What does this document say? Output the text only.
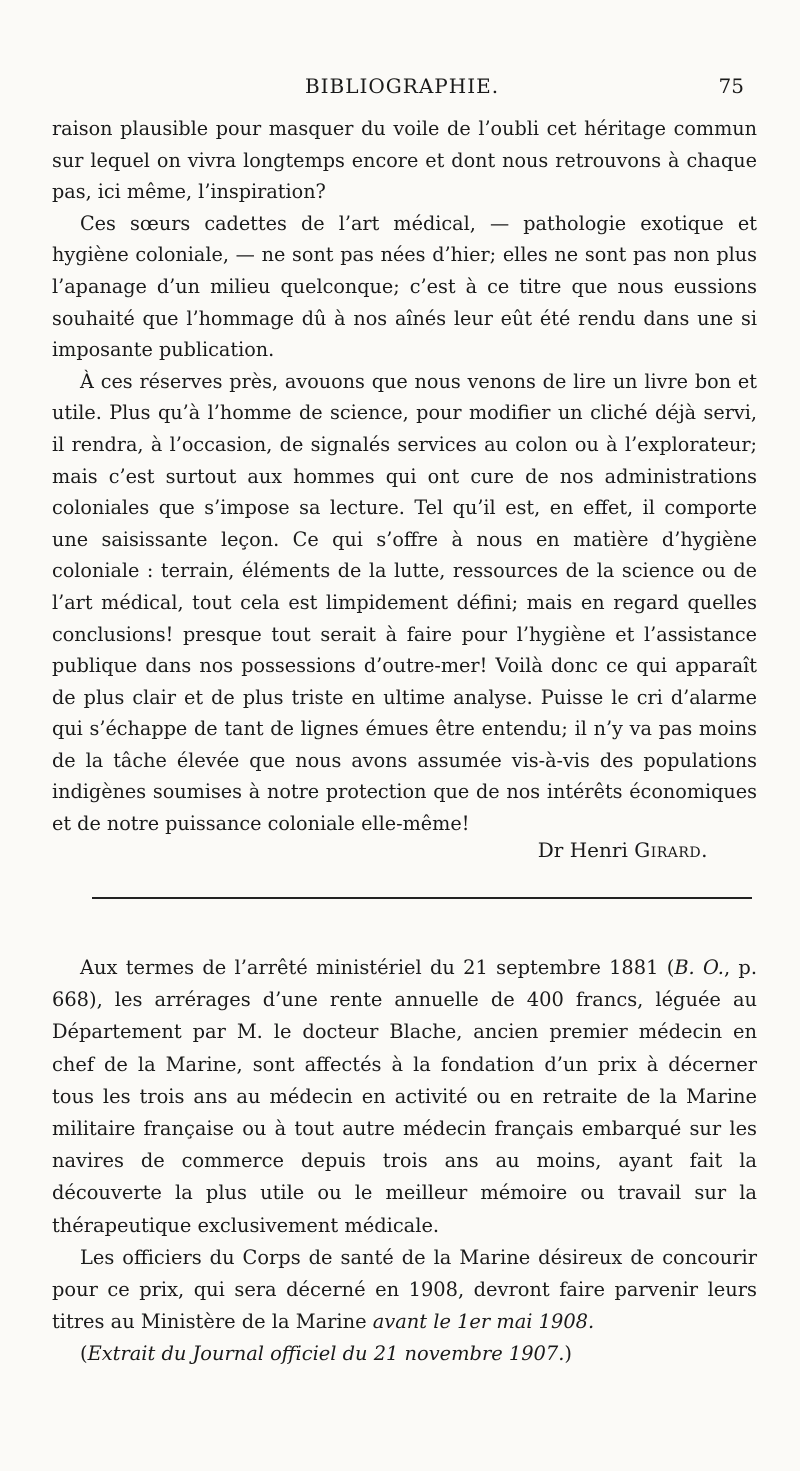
BIBLIOGRAPHIE.	75

raison plausible pour masquer du voile de l’oubli cet héritage commun sur lequel on vivra longtemps encore et dont nous retrouvons à chaque pas, ici même, l’inspiration?

Ces sœurs cadettes de l’art médical, — pathologie exotique et hygiène coloniale, — ne sont pas nées d’hier; elles ne sont pas non plus l’apanage d’un milieu quelconque; c’est à ce titre que nous eussions souhaité que l’hommage dû à nos aînés leur eût été rendu dans une si imposante publication.

À ces réserves près, avouons que nous venons de lire un livre bon et utile. Plus qu’à l’homme de science, pour modifier un cliché déjà servi, il rendra, à l’occasion, de signalés services au colon ou à l’explorateur; mais c’est surtout aux hommes qui ont cure de nos administrations coloniales que s’impose sa lecture. Tel qu’il est, en effet, il comporte une saisissante leçon. Ce qui s’offre à nous en matière d’hygiène coloniale : terrain, éléments de la lutte, ressources de la science ou de l’art médical, tout cela est limpidement défini; mais en regard quelles conclusions! presque tout serait à faire pour l’hygiène et l’assistance publique dans nos possessions d’outre-mer! Voilà donc ce qui apparaît de plus clair et de plus triste en ultime analyse. Puisse le cri d’alarme qui s’échappe de tant de lignes émues être entendu; il n’y va pas moins de la tâche élevée que nous avons assumée vis-à-vis des populations indigènes soumises à notre protection que de nos intérêts économiques et de notre puissance coloniale elle-même!

Dr Henri Girard.

Aux termes de l’arrêté ministériel du 21 septembre 1881 (B. O., p. 668), les arrérages d’une rente annuelle de 400 francs, léguée au Département par M. le docteur Blache, ancien premier médecin en chef de la Marine, sont affectés à la fondation d’un prix à décerner tous les trois ans au médecin en activité ou en retraite de la Marine militaire française ou à tout autre médecin français embarqué sur les navires de commerce depuis trois ans au moins, ayant fait la découverte la plus utile ou le meilleur mémoire ou travail sur la thérapeutique exclusivement médicale.

Les officiers du Corps de santé de la Marine désireux de concourir pour ce prix, qui sera décerné en 1908, devront faire parvenir leurs titres au Ministère de la Marine avant le 1er mai 1908.

(Extrait du Journal officiel du 21 novembre 1907.)
